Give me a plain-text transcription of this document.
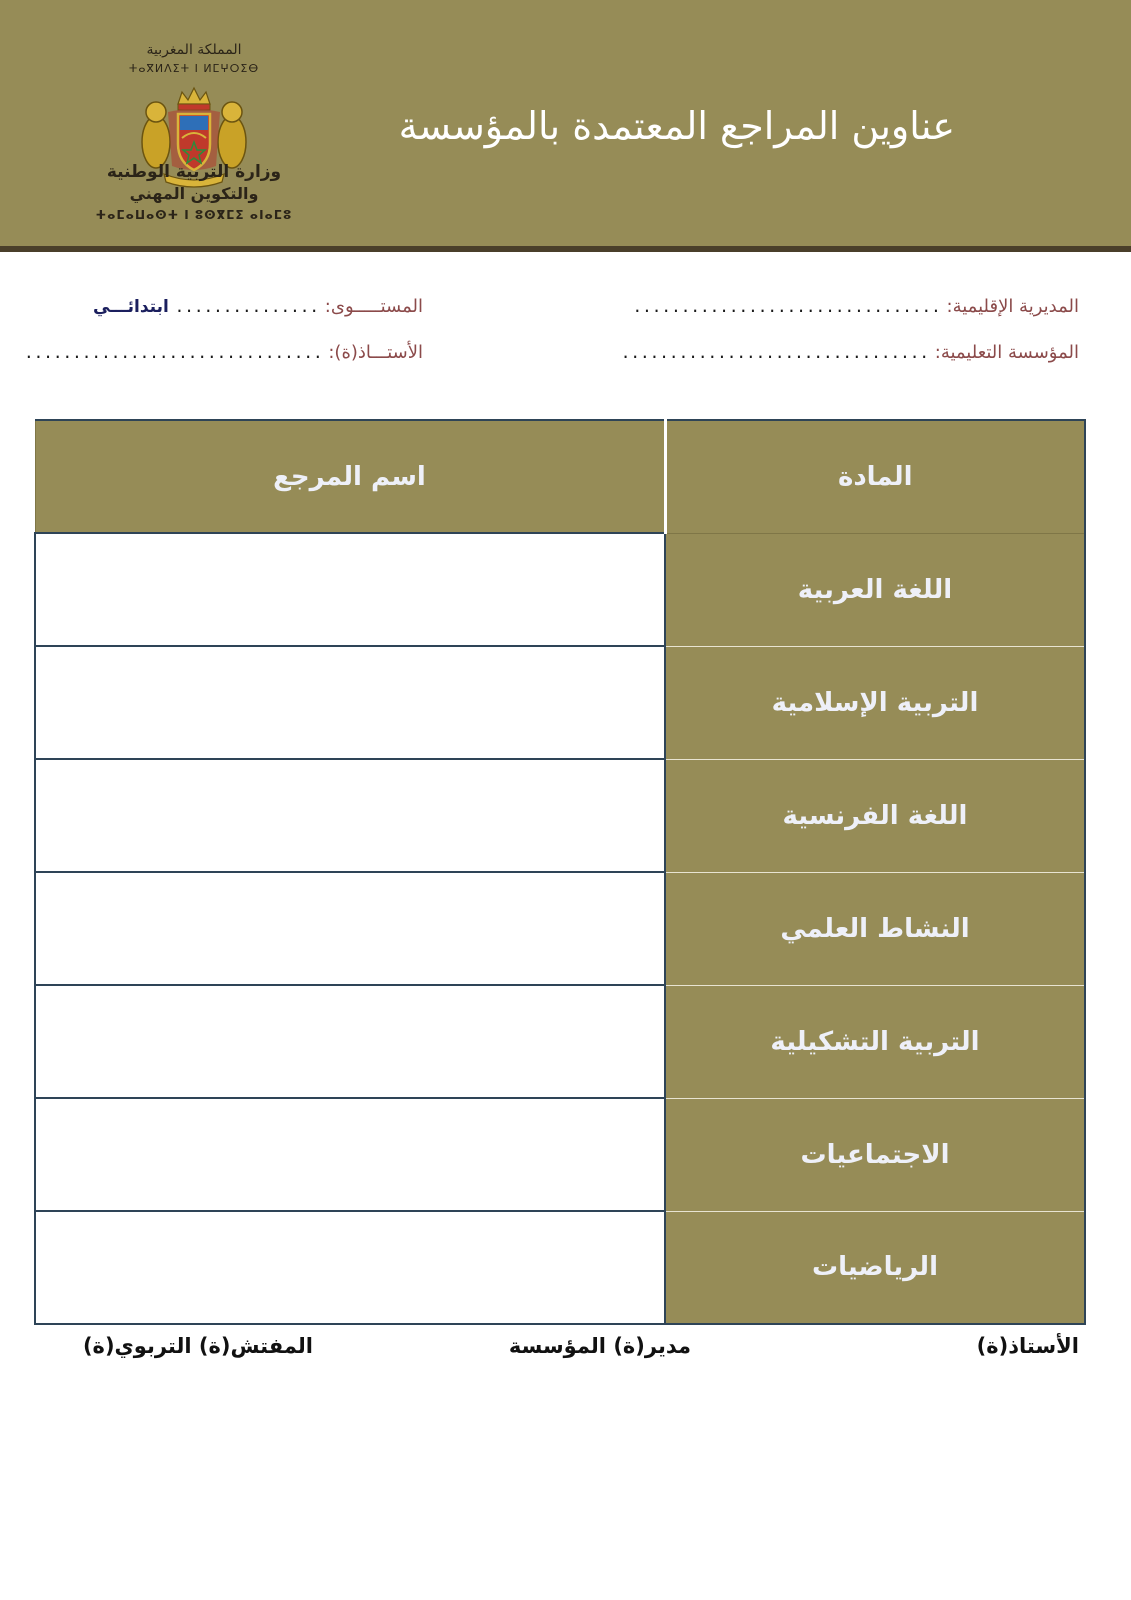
المملكة المغربية
ⵜⴰⴳⵍⴷⵉⵜ ⵏ ⵍⵎⵖⵔⵉⴱ
وزارة التربية الوطنية
والتكوين المهني
ⵜⴰⵎⴰⵡⴰⵙⵜ ⵏ ⵓⵙⴳⵎⵉ ⴰⵏⴰⵎⵓ
عناوين المراجع المعتمدة بالمؤسسة
المديرية الإقليمية: ................................
المؤسسة التعليمية: ................................
المستـــــوى: ............... ابتدائـــي
الأستـــاذ(ة): ...............................
المادة	اسم المرجع
اللغة العربية	
التربية الإسلامية	
اللغة الفرنسية	
النشاط العلمي	
التربية التشكيلية	
الاجتماعيات	
الرياضيات	
الأستاذ(ة)
مدير(ة) المؤسسة
المفتش(ة) التربوي(ة)
